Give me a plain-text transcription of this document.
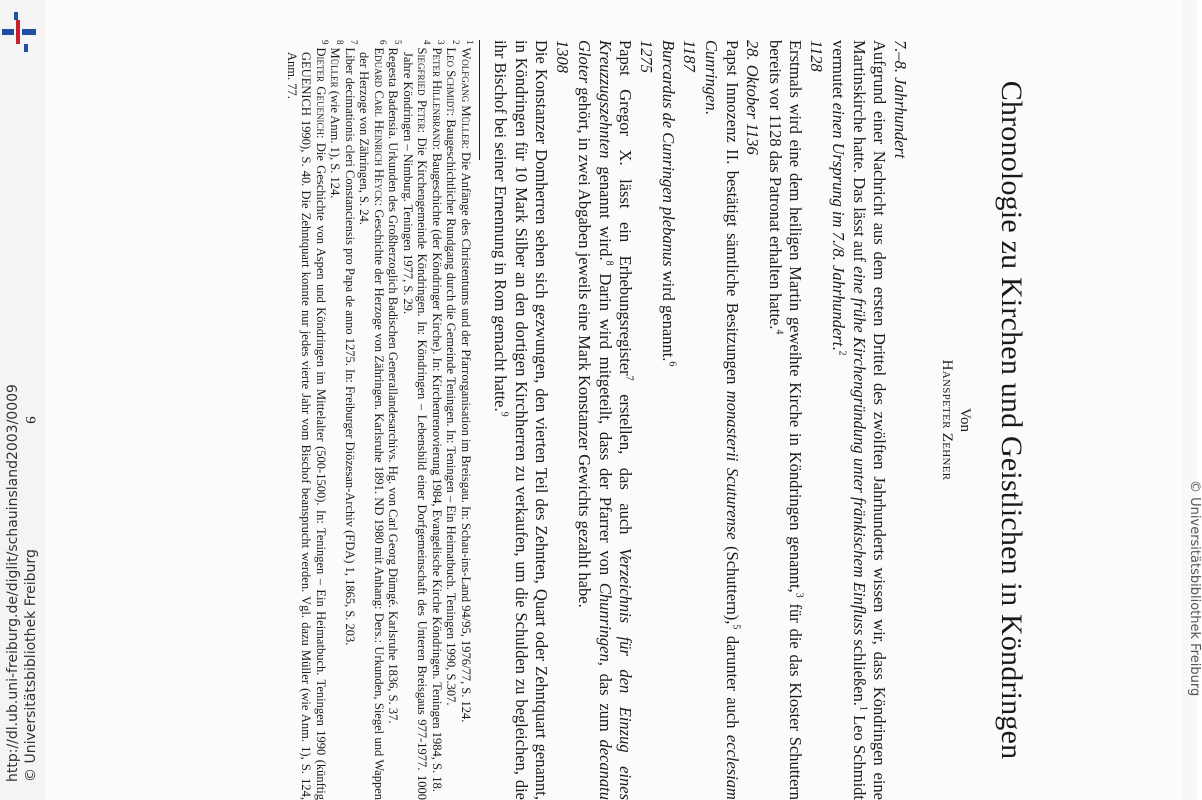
http://dl.ub.uni-freiburg.de/diglit/schauinsland2003/0009 © Universitätsbibliothek Freiburg	© Universitätsbibliothek Freiburg
Chronologie zu Kirchen und Geistlichen in Köndringen
Von
Hanspeter Zehner

7.–8. Jahrhundert

Aufgrund einer Nachricht aus dem ersten Drittel des zwölften Jahrhunderts wissen wir, dass Köndringen eine Martinskirche hatte. Das lässt auf eine frühe Kirchengründung unter fränkischem Einfluss schließen.$^1$ Leo Schmidt vermutet einen Ursprung im 7./8. Jahrhundert.$^2$

1128

Erstmals wird eine dem heiligen Martin geweihte Kirche in Köndringen genannt,$^3$ für die das Kloster Schuttern bereits vor 1128 das Patronat erhalten hatte.$^4$

28. Oktober 1136

Papst Innozenz II. bestätigt sämtliche Besitzungen monasterii Scuturense (Schuttern),$^5$ darunter auch ecclesiam Cunringen.

1187

Burcardus de Cunringen plebanus wird genannt.$^6$

1275

Papst Gregor X. lässt ein Erhebungsregister$^7$ erstellen, das auch Verzeichnis für den Einzug eines Kreuzzugszehnten genannt wird.$^8$ Darin wird mitgeteilt, dass der Pfarrer von Chunringen, das zum decanatu Gloter gehört, in zwei Abgaben jeweils eine Mark Konstanzer Gewichts gezahlt habe.

1308

Die Konstanzer Domherren sehen sich gezwungen, den vierten Teil des Zehnten, Quart oder Zehntquart genannt, in Köndringen für 10 Mark Silber an den dortigen Kirchherren zu verkaufen, um die Schulden zu begleichen, die ihr Bischof bei seiner Ernennung in Rom gemacht hatte.$^9$

$^1$Wolfgang Müller: Die Anfänge des Christentums und der Pfarrorganisation im Breisgau. In: Schau-ins-Land 94/95, 1976/77, S. 124.

$^2$Leo Schmidt: Baugeschichtlicher Rundgang durch die Gemeinde Teningen. In: Teningen – Ein Heimatbuch. Teningen 1990, S.307.

$^3$Peter Hillenbrand: Baugeschichte (der Köndringer Kirche). In: Kirchenrenovierung 1984, Evangelische Kirche Köndringen. Teningen 1984, S. 18.

$^4$Siegfried Peter: Die Kirchengemeinde Köndringen. In: Köndringen – Lebensbild einer Dorfgemeinschaft des Unteren Breisgaus 977-1977. 1000 Jahre Köndringen – Nimburg. Teningen 1977, S. 29.

$^5$Regesta Badensia. Urkunden des Großherzoglich Badischen Generallandesarchivs. Hg. von Carl Georg Dümgé. Karlsruhe 1836, S. 37.

$^6$Eduard Carl Heinrich Heyck: Geschichte der Herzoge von Zähringen. Karlsruhe 1891. ND 1980 mit Anhang: Ders.: Urkunden, Siegel und Wappen der Herzoge von Zähringen, S. 24.

$^7$Liber decimationis cleri Constanciensis pro Papa de anno 1275. In: Freiburger Diözesan-Archiv (FDA) 1, 1865, S. 203.

$^8$Müller (wie Anm. 1), S. 124.

$^9$Dieter Geuenich: Die Geschichte von Aspen und Köndringen im Mittelalter (500-1500). In: Teningen – Ein Heimatbuch. Teningen 1990 (künftig GEUENICH 1990), S. 40. Die Zehntquart konnte nur jedes vierte Jahr vom Bischof beansprucht werden. Vgl. dazu Müller (wie Anm. 1), S. 124, Anm. 77.

9
